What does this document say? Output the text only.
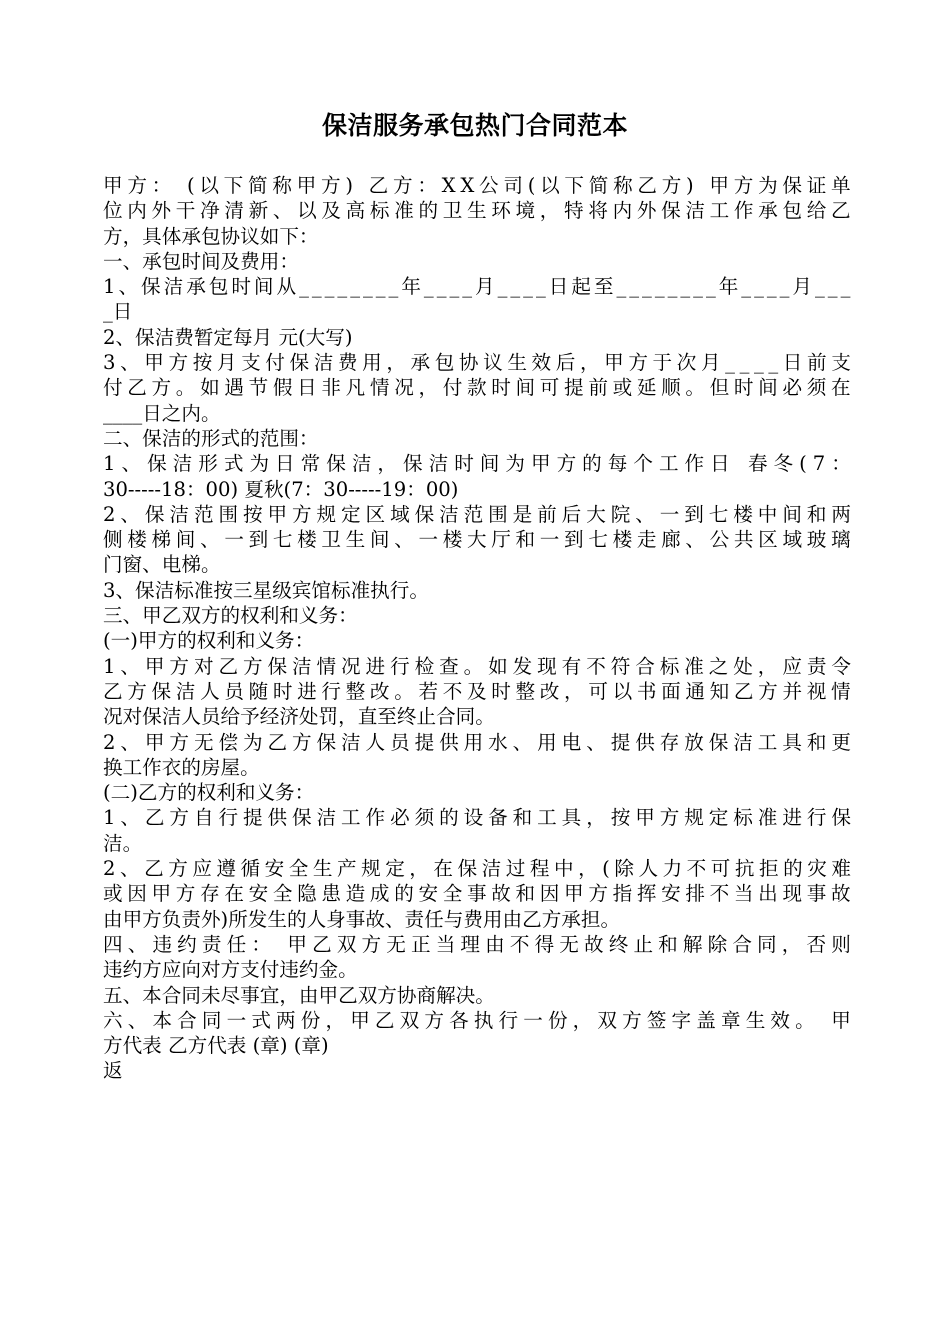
保洁服务承包热门合同范本
甲 方 ：
( 以 下 简 称 甲 方 )
乙 方 ： X X 公 司 ( 以 下 简 称 乙 方 )
甲 方 为 保 证 单
位 内 外 干 净 清 新 、 以 及 高 标 准 的 卫 生 环 境 ， 特 将 内 外 保 洁 工 作 承 包 给 乙
方，具体承包协议如下：
一、承包时间及费用：
1 、 保 洁 承 包 时 间 从 _ _ _ _ _ _ _ _ 年 _ _ _ _ 月 _ _ _ _ 日 起 至 _ _ _ _ _ _ _ _ 年 _ _ _ _ 月 _ _ _
_日
2、保洁费暂定每月 元(大写)
3 、 甲 方 按 月 支 付 保 洁 费 用 ， 承 包 协 议 生 效 后 ， 甲 方 于 次 月 _ _ _ _ 日 前 支
付 乙 方 。 如 遇 节 假 日 非 凡 情 况 ， 付 款 时 间 可 提 前 或 延 顺 。 但 时 间 必 须 在
____日之内。
二、保洁的形式的范围：
1 、 保 洁 形 式 为 日 常 保 洁 ， 保 洁 时 间 为 甲 方 的 每 个 工 作 日
春 冬 ( 7 ：
30-----18：00) 夏秋(7：30-----19：00)
2 、 保 洁 范 围 按 甲 方 规 定 区 域 保 洁 范 围 是 前 后 大 院 、 一 到 七 楼 中 间 和 两
侧 楼 梯 间 、 一 到 七 楼 卫 生 间 、 一 楼 大 厅 和 一 到 七 楼 走 廊 、 公 共 区 域 玻 璃
门窗、电梯。
3、保洁标准按三星级宾馆标准执行。
三、甲乙双方的权利和义务：
(一)甲方的权利和义务：
1 、 甲 方 对 乙 方 保 洁 情 况 进 行 检 查 。 如 发 现 有 不 符 合 标 准 之 处 ， 应 责 令
乙 方 保 洁 人 员 随 时 进 行 整 改 。 若 不 及 时 整 改 ， 可 以 书 面 通 知 乙 方 并 视 情
况对保洁人员给予经济处罚，直至终止合同。
2 、 甲 方 无 偿 为 乙 方 保 洁 人 员 提 供 用 水 、 用 电 、 提 供 存 放 保 洁 工 具 和 更
换工作衣的房屋。
(二)乙方的权利和义务：
1 、 乙 方 自 行 提 供 保 洁 工 作 必 须 的 设 备 和 工 具 ， 按 甲 方 规 定 标 准 进 行 保
洁。
2 、 乙 方 应 遵 循 安 全 生 产 规 定 ， 在 保 洁 过 程 中 ， ( 除 人 力 不 可 抗 拒 的 灾 难
或 因 甲 方 存 在 安 全 隐 患 造 成 的 安 全 事 故 和 因 甲 方 指 挥 安 排 不 当 出 现 事 故
由甲方负责外)所发生的人身事故、责任与费用由乙方承担。
四 、 违 约 责 任 ：
甲 乙 双 方 无 正 当 理 由 不 得 无 故 终 止 和 解 除 合 同 ， 否 则
违约方应向对方支付违约金。
五、本合同未尽事宜，由甲乙双方协商解决。
六 、 本 合 同 一 式 两 份 ， 甲 乙 双 方 各 执 行 一 份 ， 双 方 签 字 盖 章 生 效 。
甲
方代表 乙方代表 (章) (章)
返
